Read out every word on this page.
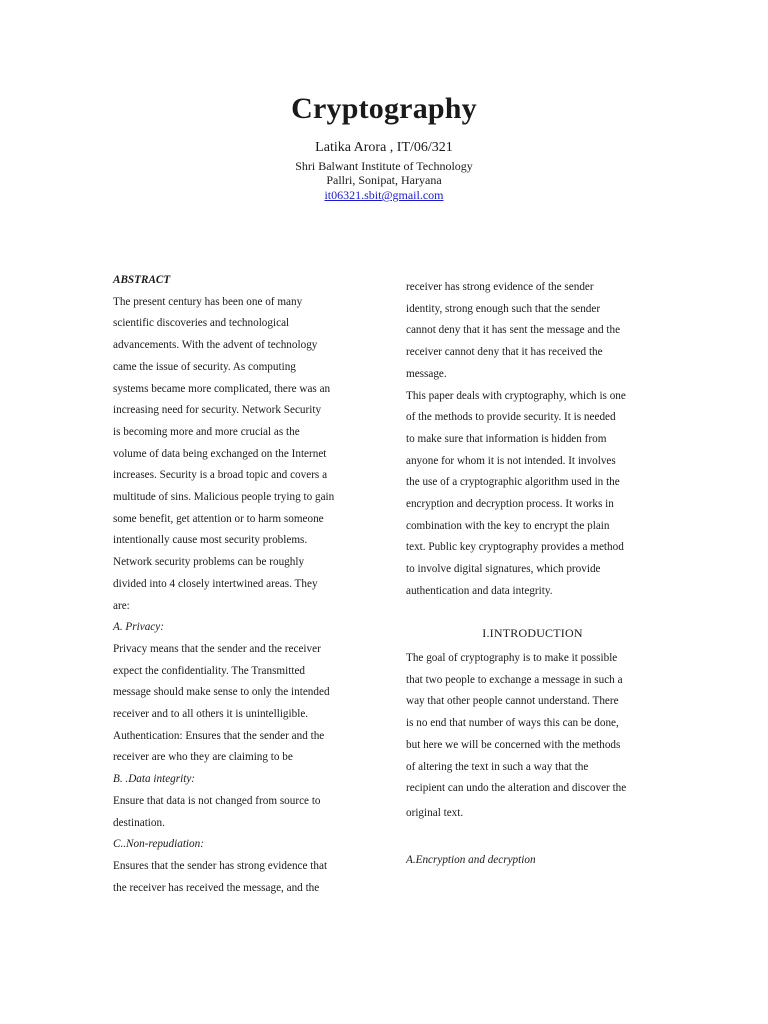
Cryptography
Latika Arora , IT/06/321
Shri Balwant Institute of Technology
Pallri, Sonipat, Haryana
it06321.sbit@gmail.com

ABSTRACT

The present century has been one of many

scientific discoveries and technological

advancements. With the advent of technology

came the issue of security. As computing

systems became more complicated, there was an

increasing need for security. Network Security

is becoming more and more crucial as the

volume of data being exchanged on the Internet

increases. Security is a broad topic and covers a

multitude of sins. Malicious people trying to gain

some benefit, get attention or to harm someone

intentionally cause most security problems.

Network security problems can be roughly

divided into 4 closely intertwined areas. They

are:

A. Privacy:

Privacy means that the sender and the receiver

expect the confidentiality. The Transmitted

message should make sense to only the intended

receiver and to all others it is unintelligible.

Authentication: Ensures that the sender and the

receiver are who they are claiming to be

B. .Data integrity:

Ensure that data is not changed from source to

destination.

C..Non-repudiation:

Ensures that the sender has strong evidence that

the receiver has received the message, and the

receiver has strong evidence of the sender

identity, strong enough such that the sender

cannot deny that it has sent the message and the

receiver cannot deny that it has received the

message.

This paper deals with cryptography, which is one

of the methods to provide security. It is needed

to make sure that information is hidden from

anyone for whom it is not intended. It involves

the use of a cryptographic algorithm used in the

encryption and decryption process. It works in

combination with the key to encrypt the plain

text. Public key cryptography provides a method

to involve digital signatures, which provide

authentication and data integrity.

I.INTRODUCTION

The goal of cryptography is to make it possible

that two people to exchange a message in such a

way that other people cannot understand. There

is no end that number of ways this can be done,

but here we will be concerned with the methods

of altering the text in such a way that the

recipient can undo the alteration and discover the

original text.

A.Encryption and decryption
